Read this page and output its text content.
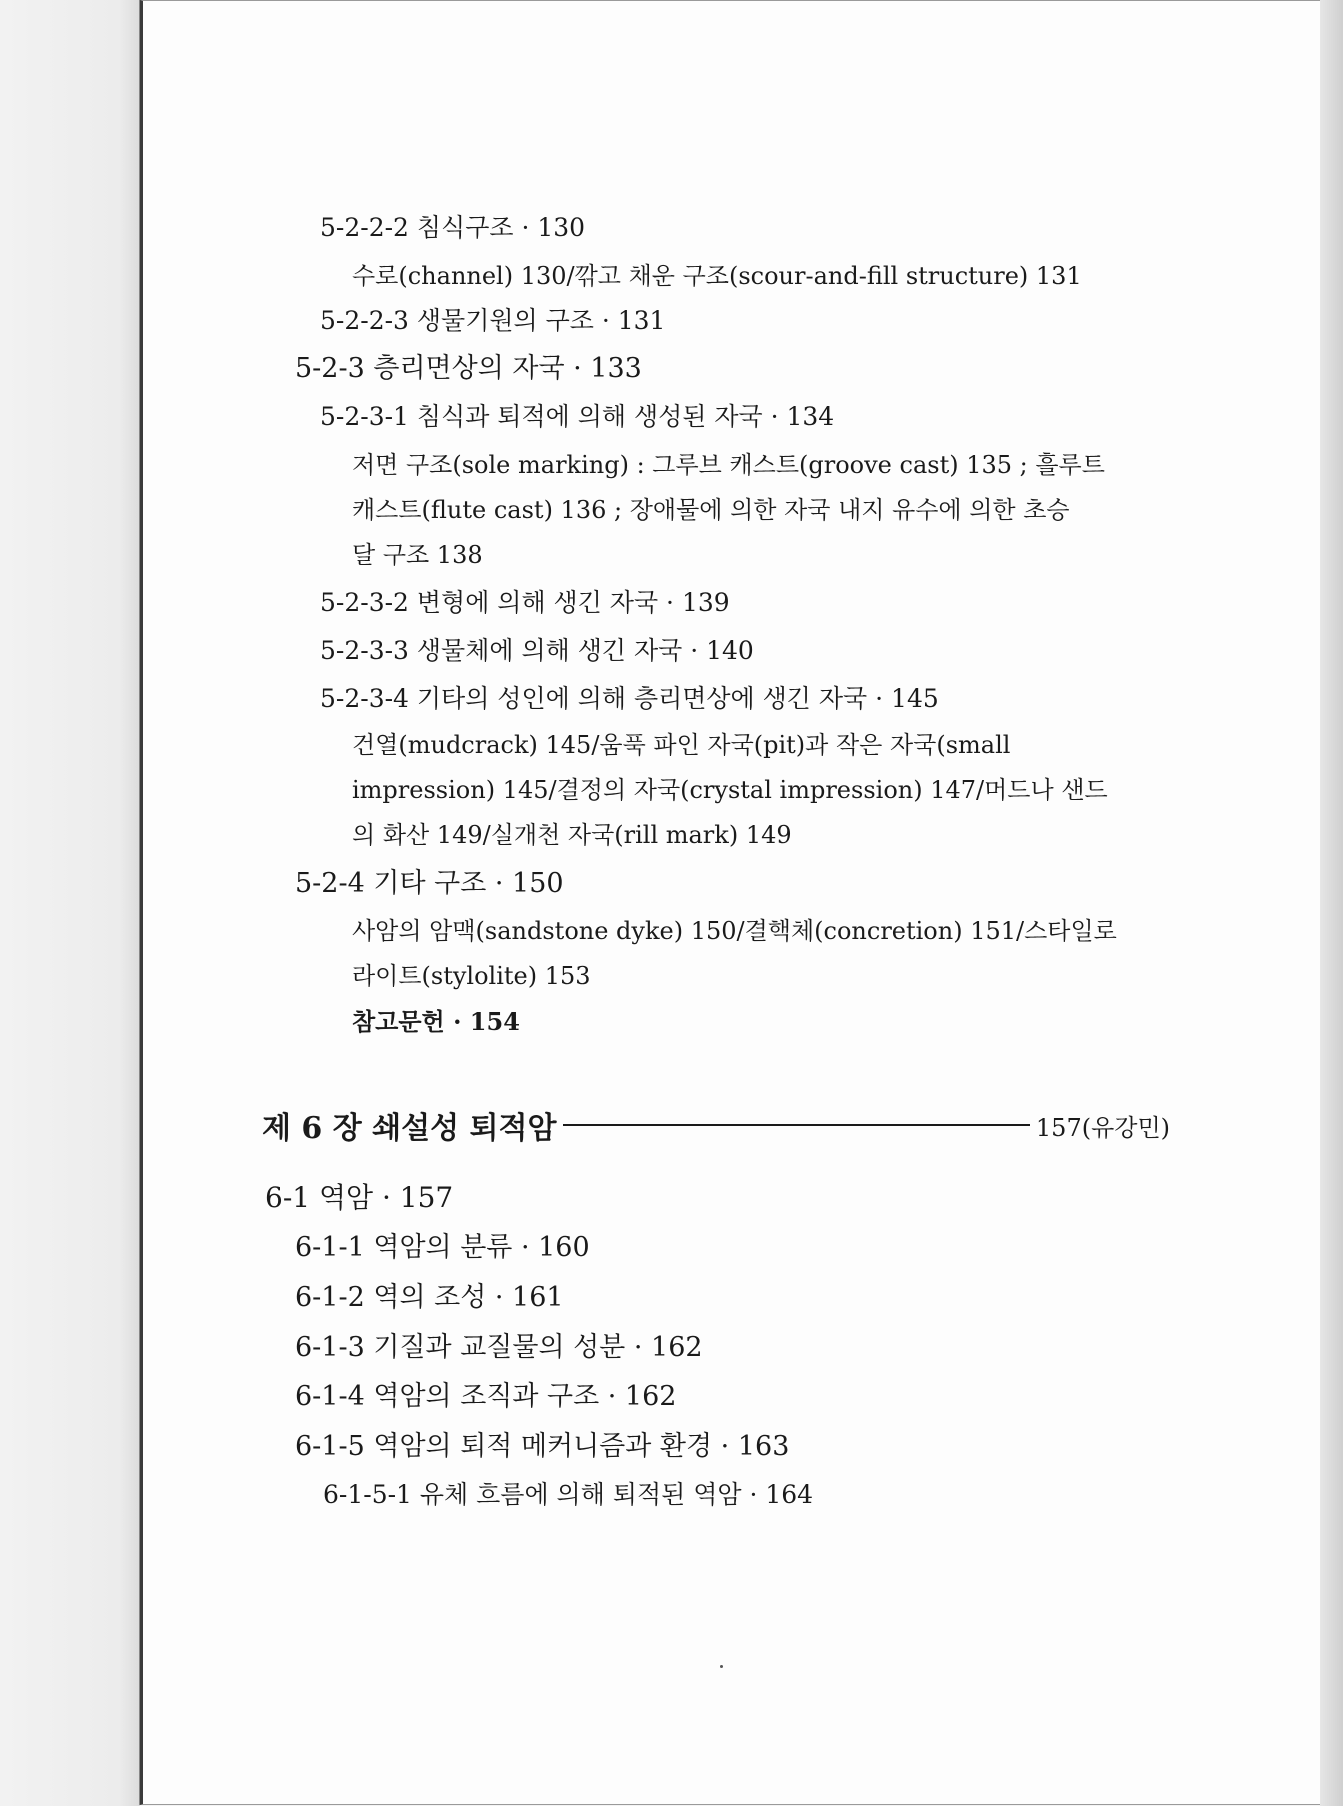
5-2-2-2 침식구조 · 130
수로(channel) 130/깎고 채운 구조(scour-and-fill structure) 131
5-2-2-3 생물기원의 구조 · 131
5-2-3 층리면상의 자국 · 133
5-2-3-1 침식과 퇴적에 의해 생성된 자국 · 134
저면 구조(sole marking) : 그루브 캐스트(groove cast) 135 ; 흘루트
캐스트(flute cast) 136 ; 장애물에 의한 자국 내지 유수에 의한 초승
달 구조 138
5-2-3-2 변형에 의해 생긴 자국 · 139
5-2-3-3 생물체에 의해 생긴 자국 · 140
5-2-3-4 기타의 성인에 의해 층리면상에 생긴 자국 · 145
건열(mudcrack) 145/움푹 파인 자국(pit)과 작은 자국(small
impression) 145/결정의 자국(crystal impression) 147/머드나 샌드
의 화산 149/실개천 자국(rill mark) 149
5-2-4 기타 구조 · 150
사암의 암맥(sandstone dyke) 150/결핵체(concretion) 151/스타일로
라이트(stylolite) 153
참고문헌 · 154
제 6 장 쇄설성 퇴적암	157(유강민)
6-1 역암 · 157
6-1-1 역암의 분류 · 160
6-1-2 역의 조성 · 161
6-1-3 기질과 교질물의 성분 · 162
6-1-4 역암의 조직과 구조 · 162
6-1-5 역암의 퇴적 메커니즘과 환경 · 163
6-1-5-1 유체 흐름에 의해 퇴적된 역암 · 164
